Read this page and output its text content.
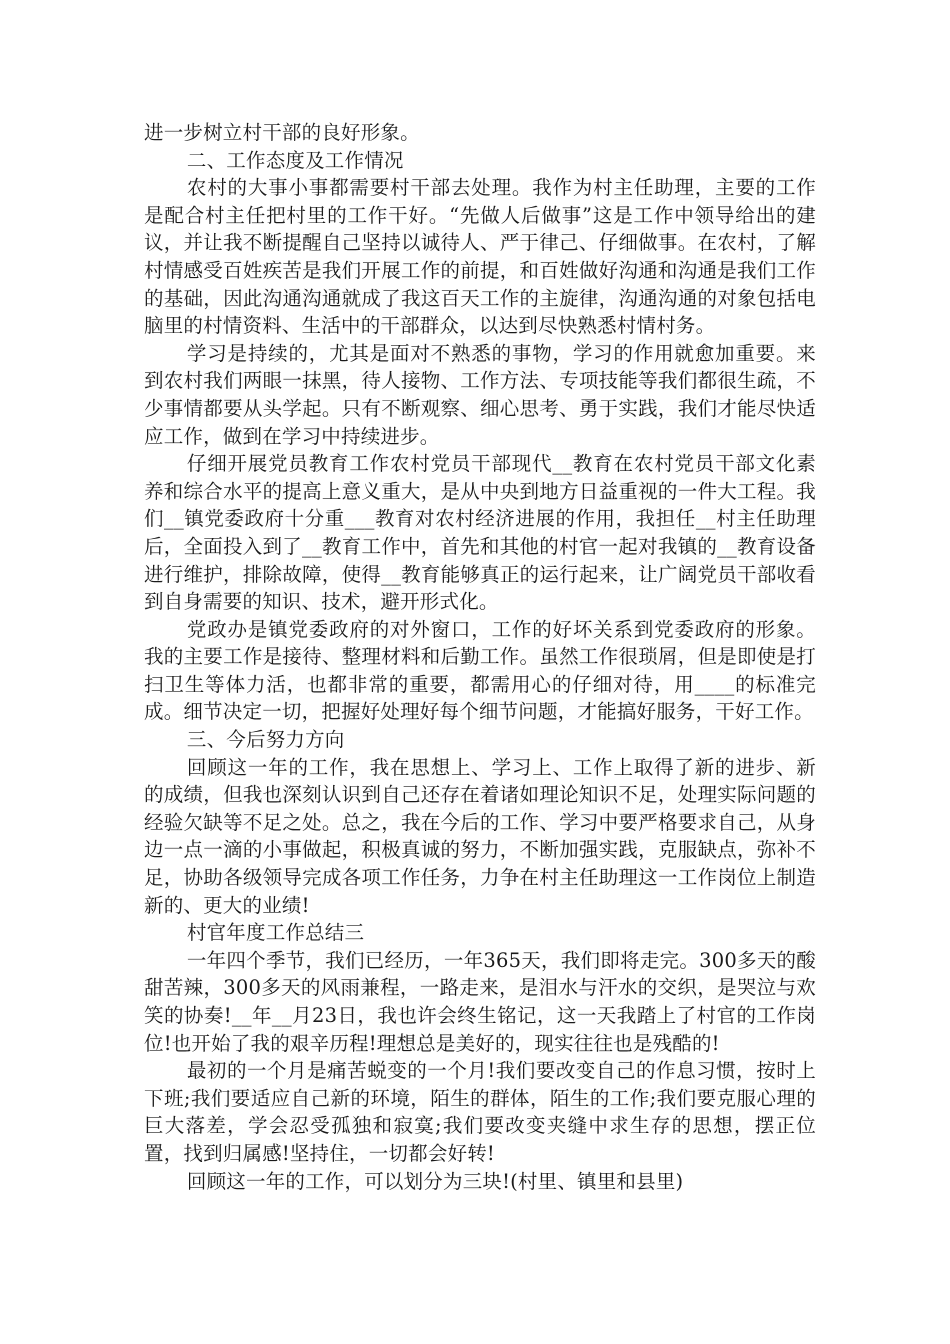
进一步树立村干部的良好形象。

二、工作态度及工作情况

农村的大事小事都需要村干部去处理。我作为村主任助理，主要的工作是配合村主任把村里的工作干好。“先做人后做事”这是工作中领导给出的建议，并让我不断提醒自己坚持以诚待人、严于律己、仔细做事。在农村，了解村情感受百姓疾苦是我们开展工作的前提，和百姓做好沟通和沟通是我们工作的基础，因此沟通沟通就成了我这百天工作的主旋律，沟通沟通的对象包括电脑里的村情资料、生活中的干部群众，以达到尽快熟悉村情村务。

学习是持续的，尤其是面对不熟悉的事物，学习的作用就愈加重要。来到农村我们两眼一抹黑，待人接物、工作方法、专项技能等我们都很生疏，不少事情都要从头学起。只有不断观察、细心思考、勇于实践，我们才能尽快适应工作，做到在学习中持续进步。

仔细开展党员教育工作农村党员干部现代__教育在农村党员干部文化素养和综合水平的提高上意义重大，是从中央到地方日益重视的一件大工程。我们__镇党委政府十分重___教育对农村经济进展的作用，我担任__村主任助理后，全面投入到了__教育工作中，首先和其他的村官一起对我镇的__教育设备进行维护，排除故障，使得__教育能够真正的运行起来，让广阔党员干部收看到自身需要的知识、技术，避开形式化。

党政办是镇党委政府的对外窗口，工作的好坏关系到党委政府的形象。我的主要工作是接待、整理材料和后勤工作。虽然工作很琐屑，但是即使是打扫卫生等体力活，也都非常的重要，都需用心的仔细对待，用____的标准完成。细节决定一切，把握好处理好每个细节问题，才能搞好服务，干好工作。

三、今后努力方向

回顾这一年的工作，我在思想上、学习上、工作上取得了新的进步、新的成绩，但我也深刻认识到自己还存在着诸如理论知识不足，处理实际问题的经验欠缺等不足之处。总之，我在今后的工作、学习中要严格要求自己，从身边一点一滴的小事做起，积极真诚的努力，不断加强实践，克服缺点，弥补不足，协助各级领导完成各项工作任务，力争在村主任助理这一工作岗位上制造新的、更大的业绩!

村官年度工作总结三

一年四个季节，我们已经历，一年365天，我们即将走完。300多天的酸甜苦辣，300多天的风雨兼程，一路走来，是泪水与汗水的交织，是哭泣与欢笑的协奏!__年__月23日，我也许会终生铭记，这一天我踏上了村官的工作岗位!也开始了我的艰辛历程!理想总是美好的，现实往往也是残酷的!

最初的一个月是痛苦蜕变的一个月!我们要改变自己的作息习惯，按时上下班;我们要适应自己新的环境，陌生的群体，陌生的工作;我们要克服心理的巨大落差，学会忍受孤独和寂寞;我们要改变夹缝中求生存的思想，摆正位置，找到归属感!坚持住，一切都会好转!

回顾这一年的工作，可以划分为三块!(村里、镇里和县里)
